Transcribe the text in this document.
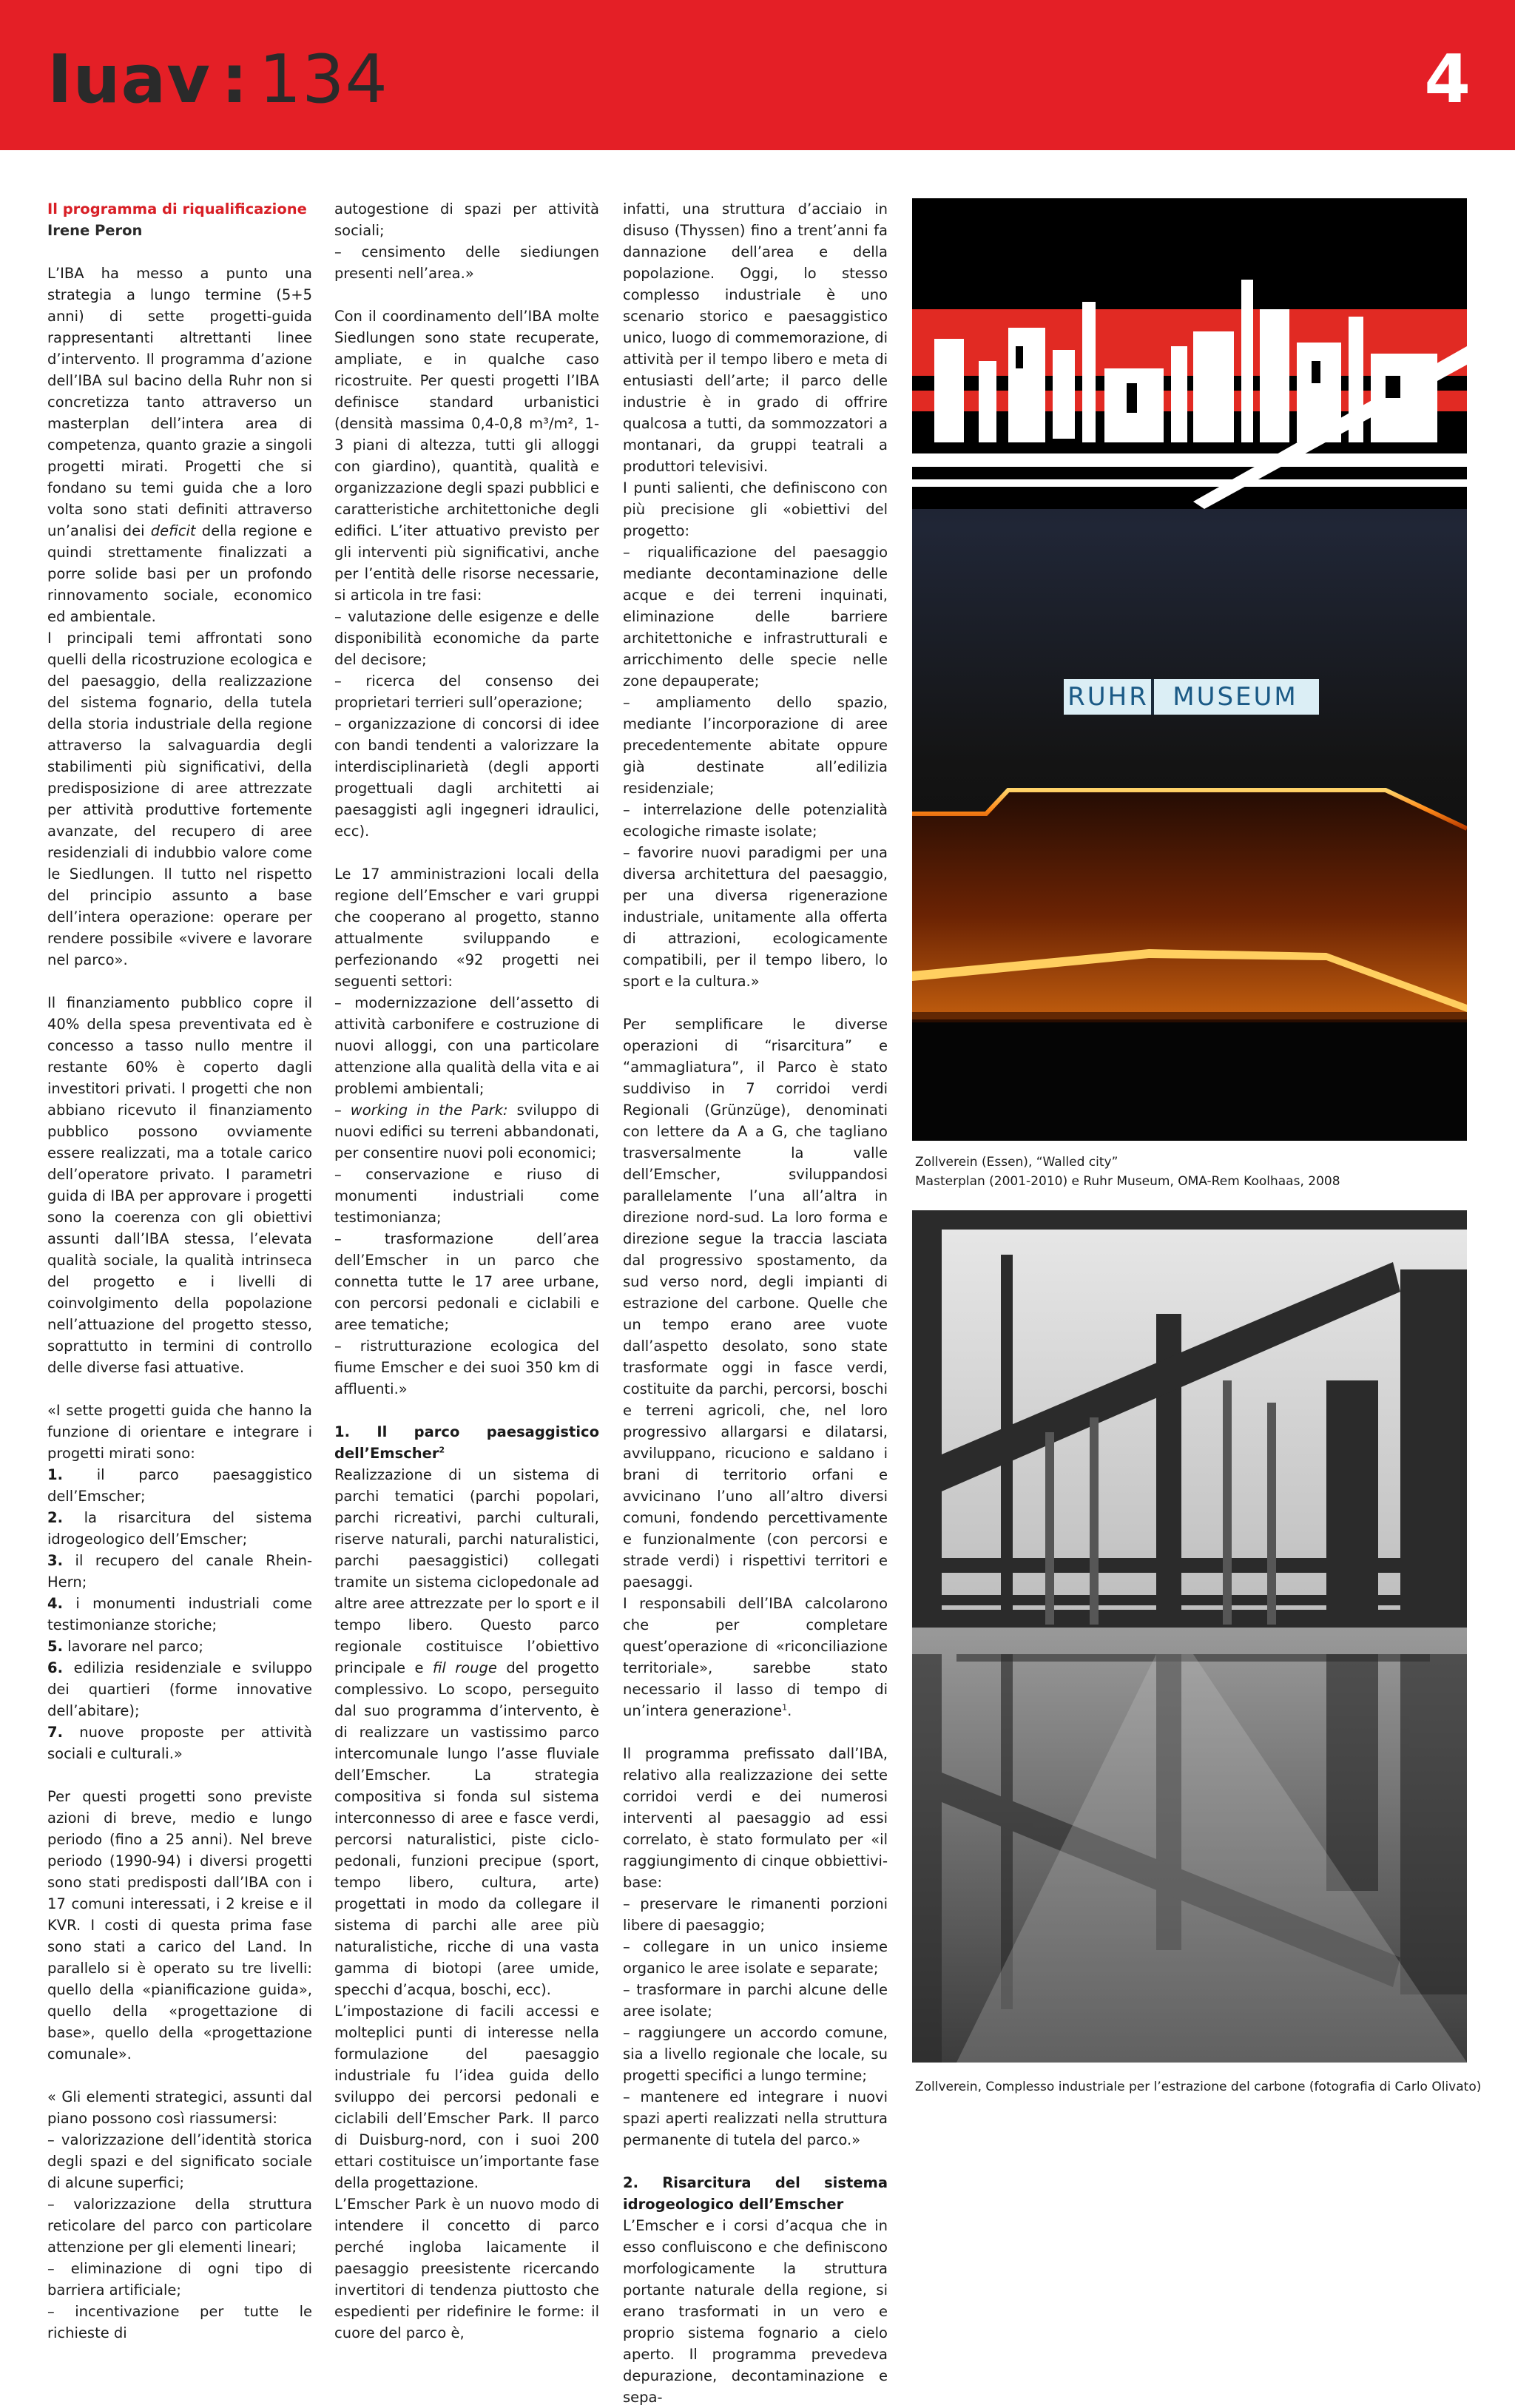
Iuav : 134	4
Il programma di riqualificazione

Irene Peron

L’IBA ha messo a punto una strategia a lungo termine (5+5 anni) di sette progetti-guida rappresentanti altrettanti linee d’intervento. Il programma d’azione dell’IBA sul bacino della Ruhr non si concretizza tanto attraverso un masterplan dell’intera area di competenza, quanto grazie a singoli progetti mirati. Progetti che si fondano su temi guida che a loro volta sono stati definiti attraverso un’analisi dei deficit della regione e quindi strettamente finalizzati a porre solide basi per un profondo rinnovamento sociale, economico ed ambientale.

I principali temi affrontati sono quelli della ricostruzione ecologica e del paesaggio, della realizzazione del sistema fognario, della tutela della storia industriale della regione attraverso la salvaguardia degli stabilimenti più significativi, della predisposizione di aree attrezzate per attività produttive fortemente avanzate, del recupero di aree residenziali di indubbio valore come le Siedlungen. Il tutto nel rispetto del principio assunto a base dell’intera operazione: operare per rendere possibile «vivere e lavorare nel parco».

Il finanziamento pubblico copre il 40% della spesa preventivata ed è concesso a tasso nullo mentre il restante 60% è coperto dagli investitori privati. I progetti che non abbiano ricevuto il finanziamento pubblico possono ovviamente essere realizzati, ma a totale carico dell’operatore privato. I parametri guida di IBA per approvare i progetti sono la coerenza con gli obiettivi assunti dall’IBA stessa, l’elevata qualità sociale, la qualità intrinseca del progetto e i livelli di coinvolgimento della popolazione nell’attuazione del progetto stesso, soprattutto in termini di controllo delle diverse fasi attuative.

«I sette progetti guida che hanno la funzione di orientare e integrare i progetti mirati sono:

1. il parco paesaggistico dell’Emscher;

2. la risarcitura del sistema idrogeologico dell’Emscher;

3. il recupero del canale Rhein-Hern;

4. i monumenti industriali come testimonianze storiche;

5. lavorare nel parco;

6. edilizia residenziale e sviluppo dei quartieri (forme innovative dell’abitare);

7. nuove proposte per attività sociali e culturali.»

Per questi progetti sono previste azioni di breve, medio e lungo periodo (fino a 25 anni). Nel breve periodo (1990-94) i diversi progetti sono stati predisposti dall’IBA con i 17 comuni interessati, i 2 kreise e il KVR. I costi di questa prima fase sono stati a carico del Land. In parallelo si è operato su tre livelli: quello della «pianificazione guida», quello della «progettazione di base», quello della «progettazione comunale».

« Gli elementi strategici, assunti dal piano possono così riassumersi:

– valorizzazione dell’identità storica degli spazi e del significato sociale di alcune superfici;

– valorizzazione della struttura reticolare del parco con particolare attenzione per gli elementi lineari;

– eliminazione di ogni tipo di barriera artificiale;

– incentivazione per tutte le richieste di

autogestione di spazi per attività sociali;

– censimento delle siediungen presenti nell’area.»

Con il coordinamento dell’IBA molte Siedlungen sono state recuperate, ampliate, e in qualche caso ricostruite. Per questi progetti l’IBA definisce standard urbanistici (densità massima 0,4-0,8 m³/m², 1-3 piani di altezza, tutti gli alloggi con giardino), quantità, qualità e organizzazione degli spazi pubblici e caratteristiche architettoniche degli edifici. L’iter attuativo previsto per gli interventi più significativi, anche per l’entità delle risorse necessarie, si articola in tre fasi:

– valutazione delle esigenze e delle disponibilità economiche da parte del decisore;

– ricerca del consenso dei proprietari terrieri sull’operazione;

– organizzazione di concorsi di idee con bandi tendenti a valorizzare la interdisciplinarietà (degli apporti progettuali dagli architetti ai paesaggisti agli ingegneri idraulici, ecc).

Le 17 amministrazioni locali della regione dell’Emscher e vari gruppi che cooperano al progetto, stanno attualmente sviluppando e perfezionando «92 progetti nei seguenti settori:

– modernizzazione dell’assetto di attività carbonifere e costruzione di nuovi alloggi, con una particolare attenzione alla qualità della vita e ai problemi ambientali;

– working in the Park: sviluppo di nuovi edifici su terreni abbandonati, per consentire nuovi poli economici;

– conservazione e riuso di monumenti industriali come testimonianza;

– trasformazione dell’area dell’Emscher in un parco che connetta tutte le 17 aree urbane, con percorsi pedonali e ciclabili e aree tematiche;

– ristrutturazione ecologica del fiume Emscher e dei suoi 350 km di affluenti.»

1. Il parco paesaggistico dell’Emscher$^2$

Realizzazione di un sistema di parchi tematici (parchi popolari, parchi ricreativi, parchi culturali, riserve naturali, parchi naturalistici, parchi paesaggistici) collegati tramite un sistema ciclopedonale ad altre aree attrezzate per lo sport e il tempo libero. Questo parco regionale costituisce l’obiettivo principale e fil rouge del progetto complessivo. Lo scopo, perseguito dal suo programma d’intervento, è di realizzare un vastissimo parco intercomunale lungo l’asse fluviale dell’Emscher. La strategia compositiva si fonda sul sistema interconnesso di aree e fasce verdi, percorsi naturalistici, piste ciclo-pedonali, funzioni precipue (sport, tempo libero, cultura, arte) progettati in modo da collegare il sistema di parchi alle aree più naturalistiche, ricche di una vasta gamma di biotopi (aree umide, specchi d’acqua, boschi, ecc).

L’impostazione di facili accessi e molteplici punti di interesse nella formulazione del paesaggio industriale fu l’idea guida dello sviluppo dei percorsi pedonali e ciclabili dell’Emscher Park. Il parco di Duisburg-nord, con i suoi 200 ettari costituisce un’importante fase della progettazione.

L’Emscher Park è un nuovo modo di intendere il concetto di parco perché ingloba laicamente il paesaggio preesistente ricercando invertitori di tendenza piuttosto che espedienti per ridefinire le forme: il cuore del parco è,

infatti, una struttura d’acciaio in disuso (Thyssen) fino a trent’anni fa dannazione dell’area e della popolazione. Oggi, lo stesso complesso industriale è uno scenario storico e paesaggistico unico, luogo di commemorazione, di attività per il tempo libero e meta di entusiasti dell’arte; il parco delle industrie è in grado di offrire qualcosa a tutti, da sommozzatori a montanari, da gruppi teatrali a produttori televisivi.

I punti salienti, che definiscono con più precisione gli «obiettivi del progetto:

– riqualificazione del paesaggio mediante decontaminazione delle acque e dei terreni inquinati, eliminazione delle barriere architettoniche e infrastrutturali e arricchimento delle specie nelle zone depauperate;

– ampliamento dello spazio, mediante l’incorporazione di aree precedentemente abitate oppure già destinate all’edilizia residenziale;

– interrelazione delle potenzialità ecologiche rimaste isolate;

– favorire nuovi paradigmi per una diversa architettura del paesaggio, per una diversa rigenerazione industriale, unitamente alla offerta di attrazioni, ecologicamente compatibili, per il tempo libero, lo sport e la cultura.»

Per semplificare le diverse operazioni di “risarcitura” e “ammagliatura”, il Parco è stato suddiviso in 7 corridoi verdi Regionali (Grünzüge), denominati con lettere da A a G, che tagliano trasversalmente la valle dell’Emscher, sviluppandosi parallelamente l’una all’altra in direzione nord-sud. La loro forma e direzione segue la traccia lasciata dal progressivo spostamento, da sud verso nord, degli impianti di estrazione del carbone. Quelle che un tempo erano aree vuote dall’aspetto desolato, sono state trasformate oggi in fasce verdi, costituite da parchi, percorsi, boschi e terreni agricoli, che, nel loro progressivo allargarsi e dilatarsi, avviluppano, ricuciono e saldano i brani di territorio orfani e avvicinano l’uno all’altro diversi comuni, fondendo percettivamente e funzionalmente (con percorsi e strade verdi) i rispettivi territori e paesaggi.

I responsabili dell’IBA calcolarono che per completare quest’operazione di «riconciliazione territoriale», sarebbe stato necessario il lasso di tempo di un’intera generazione$^1$.

Il programma prefissato dall’IBA, relativo alla realizzazione dei sette corridoi verdi e dei numerosi interventi al paesaggio ad essi correlato, è stato formulato per «il raggiungimento di cinque obbiettivi-base:

– preservare le rimanenti porzioni libere di paesaggio;

– collegare in un unico insieme organico le aree isolate e separate;

– trasformare in parchi alcune delle aree isolate;

– raggiungere un accordo comune, sia a livello regionale che locale, su progetti specifici a lungo termine;

– mantenere ed integrare i nuovi spazi aperti realizzati nella struttura permanente di tutela del parco.»

2. Risarcitura del sistema idrogeologico dell’Emscher

L’Emscher e i corsi d’acqua che in esso confluiscono e che definiscono morfologicamente la struttura portante naturale della regione, si erano trasformati in un vero e proprio sistema fognario a cielo aperto. Il programma prevedeva depurazione, decontaminazione e sepa-

RUHR MUSEUM
Zollverein (Essen), “Walled city”
Masterplan (2001-2010) e Ruhr Museum, OMA-Rem Koolhaas, 2008
Zollverein, Complesso industriale per l’estrazione del carbone (fotografia di Carlo Olivato)
